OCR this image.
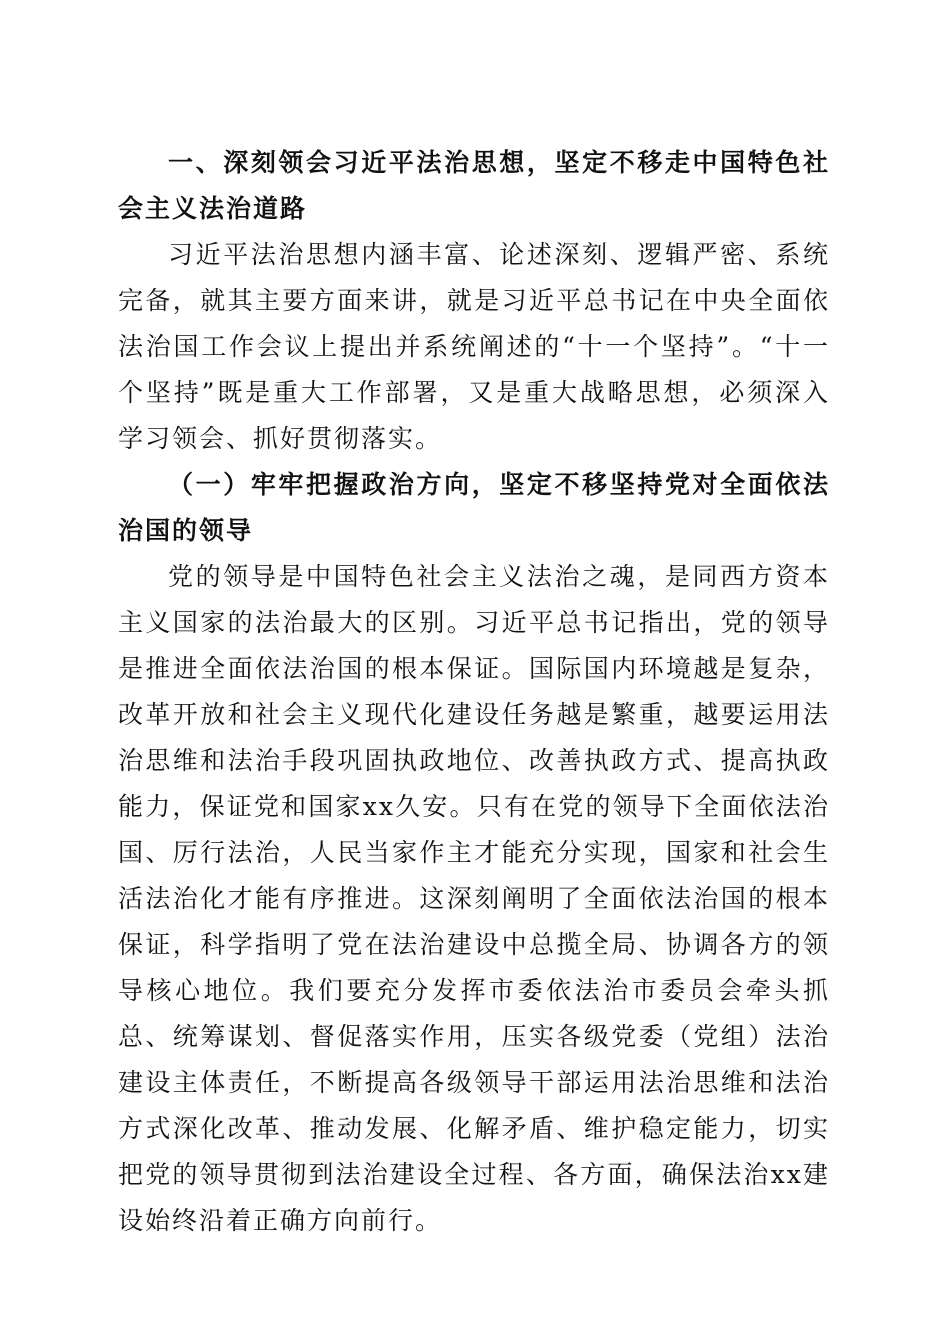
一、深刻领会习近平法治思想，坚定不移走中国特色社会主义法治道路

习近平法治思想内涵丰富、论述深刻、逻辑严密、系统完备，就其主要方面来讲，就是习近平总书记在中央全面依法治国工作会议上提出并系统阐述的“十一个坚持”。“十一个坚持”既是重大工作部署，又是重大战略思想，必须深入学习领会、抓好贯彻落实。

（一）牢牢把握政治方向，坚定不移坚持党对全面依法治国的领导

党的领导是中国特色社会主义法治之魂，是同西方资本主义国家的法治最大的区别。习近平总书记指出，党的领导是推进全面依法治国的根本保证。国际国内环境越是复杂，改革开放和社会主义现代化建设任务越是繁重，越要运用法治思维和法治手段巩固执政地位、改善执政方式、提高执政能力，保证党和国家xx久安。只有在党的领导下全面依法治国、厉行法治，人民当家作主才能充分实现，国家和社会生活法治化才能有序推进。这深刻阐明了全面依法治国的根本保证，科学指明了党在法治建设中总揽全局、协调各方的领导核心地位。我们要充分发挥市委依法治市委员会牵头抓总、统筹谋划、督促落实作用，压实各级党委（党组）法治建设主体责任，不断提高各级领导干部运用法治思维和法治方式深化改革、推动发展、化解矛盾、维护稳定能力，切实把党的领导贯彻到法治建设全过程、各方面，确保法治xx建设始终沿着正确方向前行。
